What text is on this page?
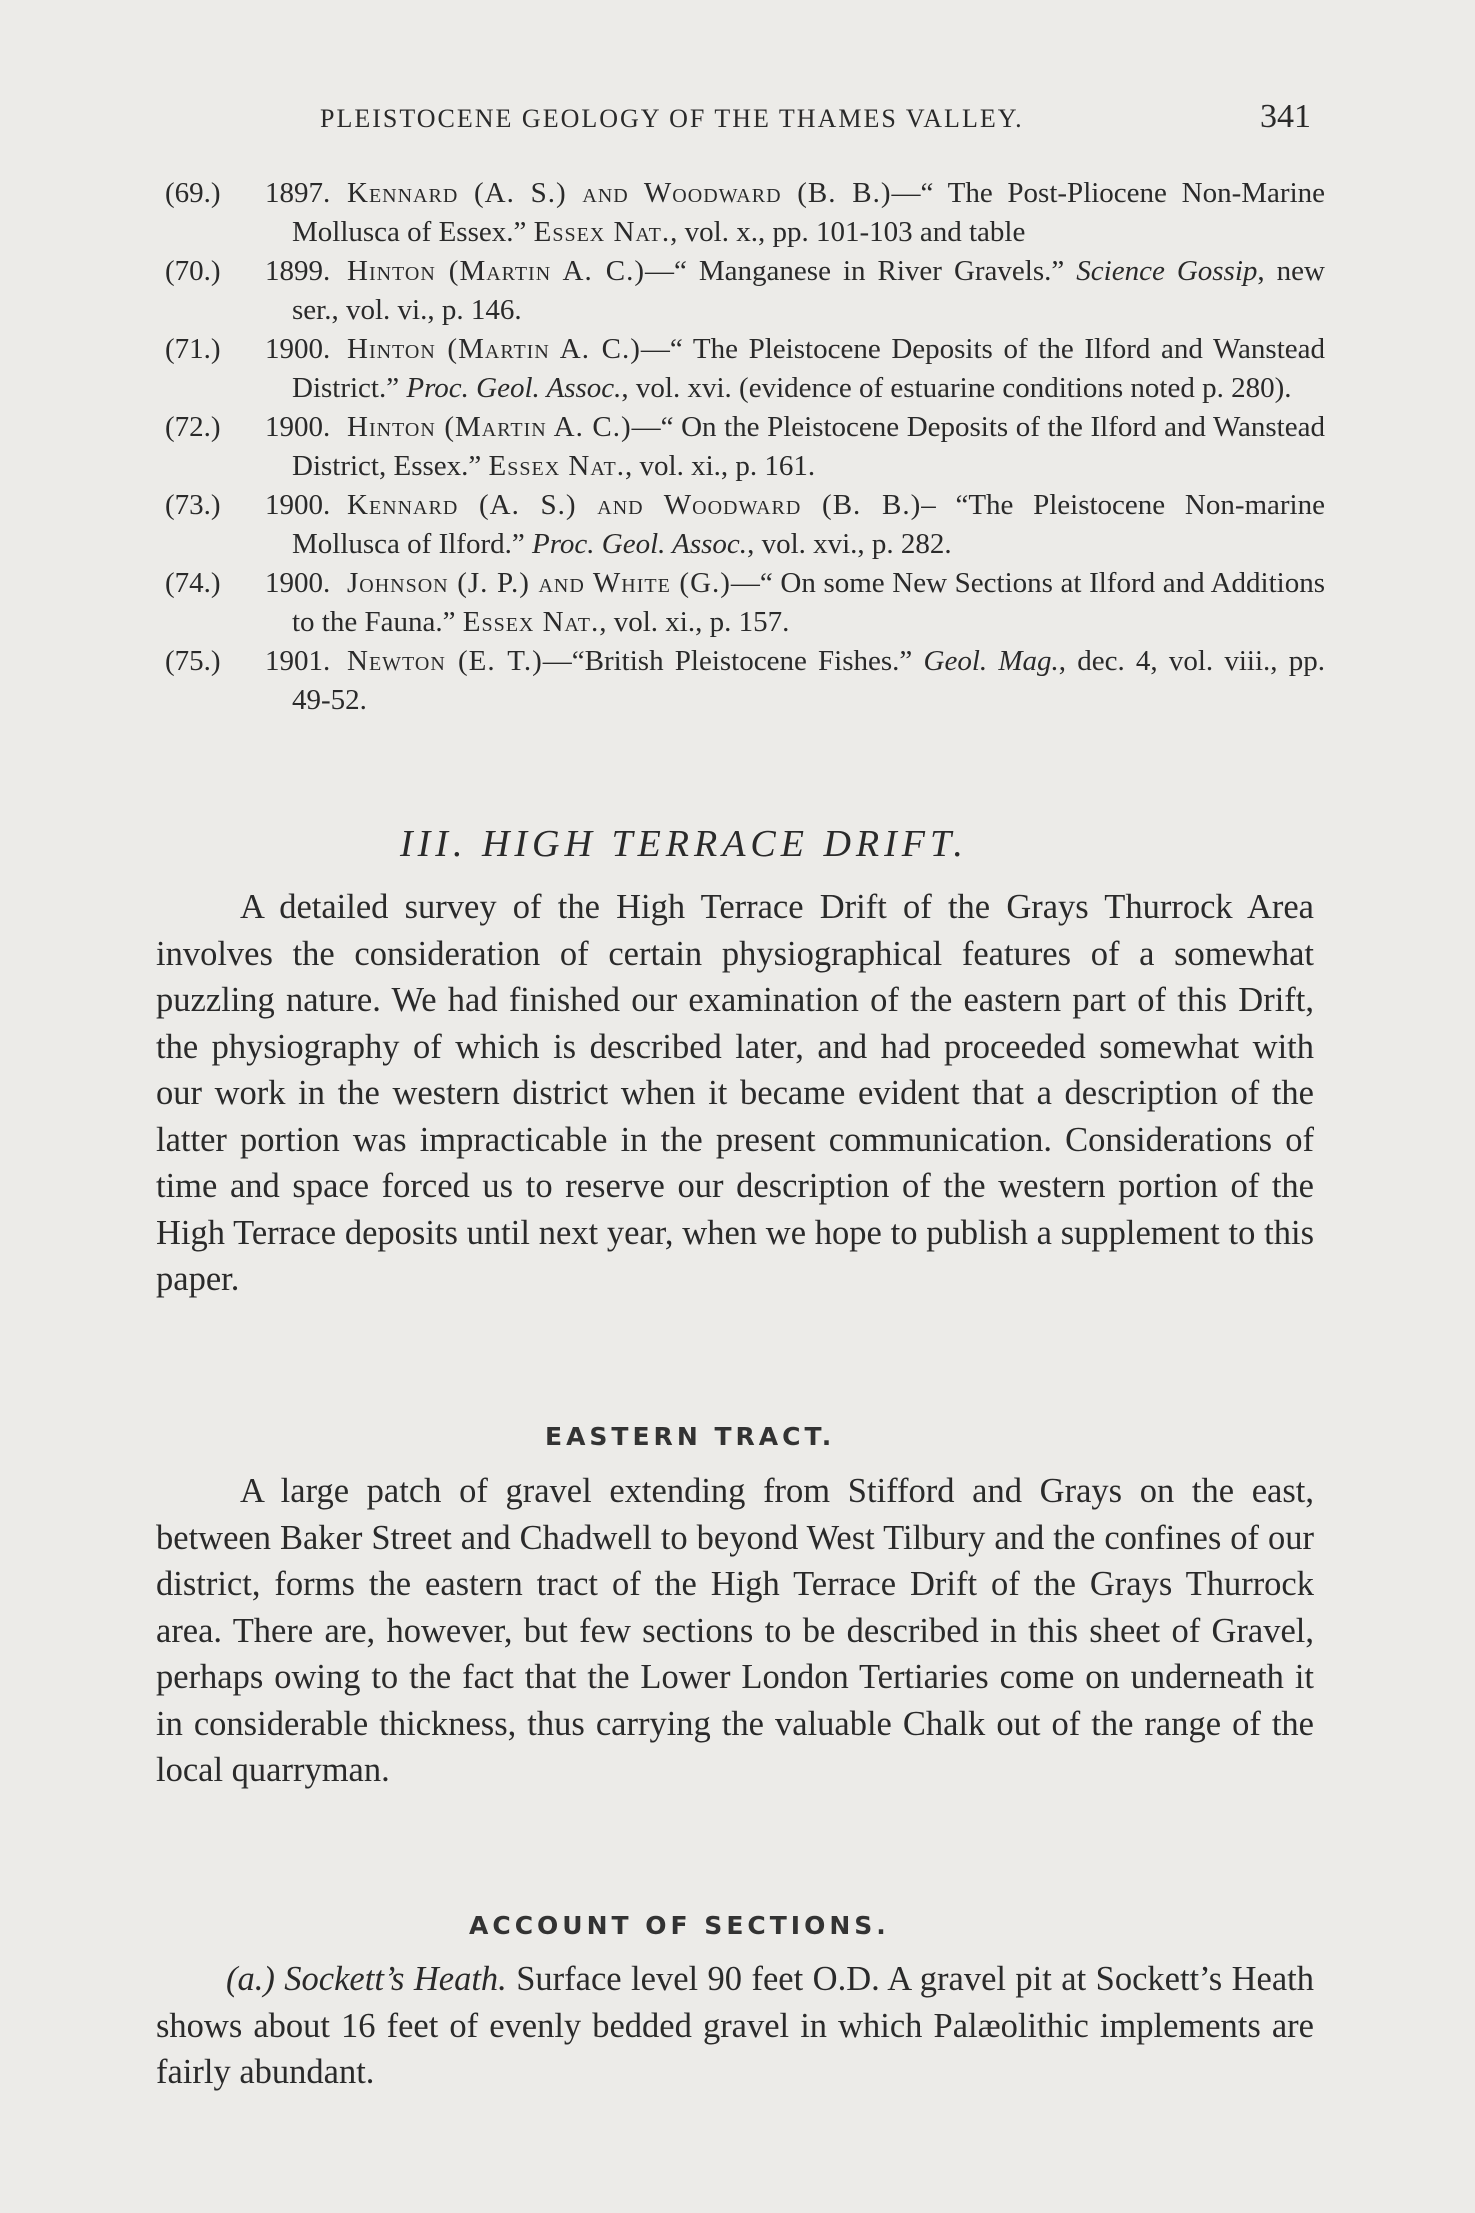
PLEISTOCENE GEOLOGY OF THE THAMES VALLEY.	341
(69.) 1897. Kennard (A. S.) and Woodward (B. B.)—“ The Post-Pliocene Non-Marine Mollusca of Essex.” Essex Nat., vol. x., pp. 101-103 and table
(70.) 1899. Hinton (Martin A. C.)—“ Manganese in River Gravels.” Science Gossip, new ser., vol. vi., p. 146.
(71.) 1900. Hinton (Martin A. C.)—“ The Pleistocene Deposits of the Ilford and Wanstead District.” Proc. Geol. Assoc., vol. xvi. (evidence of estuarine conditions noted p. 280).
(72.) 1900. Hinton (Martin A. C.)—“ On the Pleistocene Deposits of the Ilford and Wanstead District, Essex.” Essex Nat., vol. xi., p. 161.
(73.) 1900. Kennard (A. S.) and Woodward (B. B.)– “The Pleistocene Non-marine Mollusca of Ilford.” Proc. Geol. Assoc., vol. xvi., p. 282.
(74.) 1900. Johnson (J. P.) and White (G.)—“ On some New Sections at Ilford and Additions to the Fauna.” Essex Nat., vol. xi., p. 157.
(75.) 1901. Newton (E. T.)—“British Pleistocene Fishes.” Geol. Mag., dec. 4, vol. viii., pp. 49-52.
III. HIGH TERRACE DRIFT.
A detailed survey of the High Terrace Drift of the Grays Thurrock Area involves the consideration of certain physiographical features of a somewhat puzzling nature. We had finished our examination of the eastern part of this Drift, the physiography of which is described later, and had proceeded somewhat with our work in the western district when it became evident that a description of the latter portion was impracticable in the present communication. Considerations of time and space forced us to reserve our description of the western portion of the High Terrace deposits until next year, when we hope to publish a supplement to this paper.
EASTERN TRACT.
A large patch of gravel extending from Stifford and Grays on the east, between Baker Street and Chadwell to beyond West Tilbury and the confines of our district, forms the eastern tract of the High Terrace Drift of the Grays Thurrock area. There are, however, but few sections to be described in this sheet of Gravel, perhaps owing to the fact that the Lower London Tertiaries come on underneath it in considerable thickness, thus carrying the valuable Chalk out of the range of the local quarryman.
ACCOUNT OF SECTIONS.
(a.) Sockett’s Heath. Surface level 90 feet O.D. A gravel pit at Sockett’s Heath shows about 16 feet of evenly bedded gravel in which Palæolithic implements are fairly abundant.
